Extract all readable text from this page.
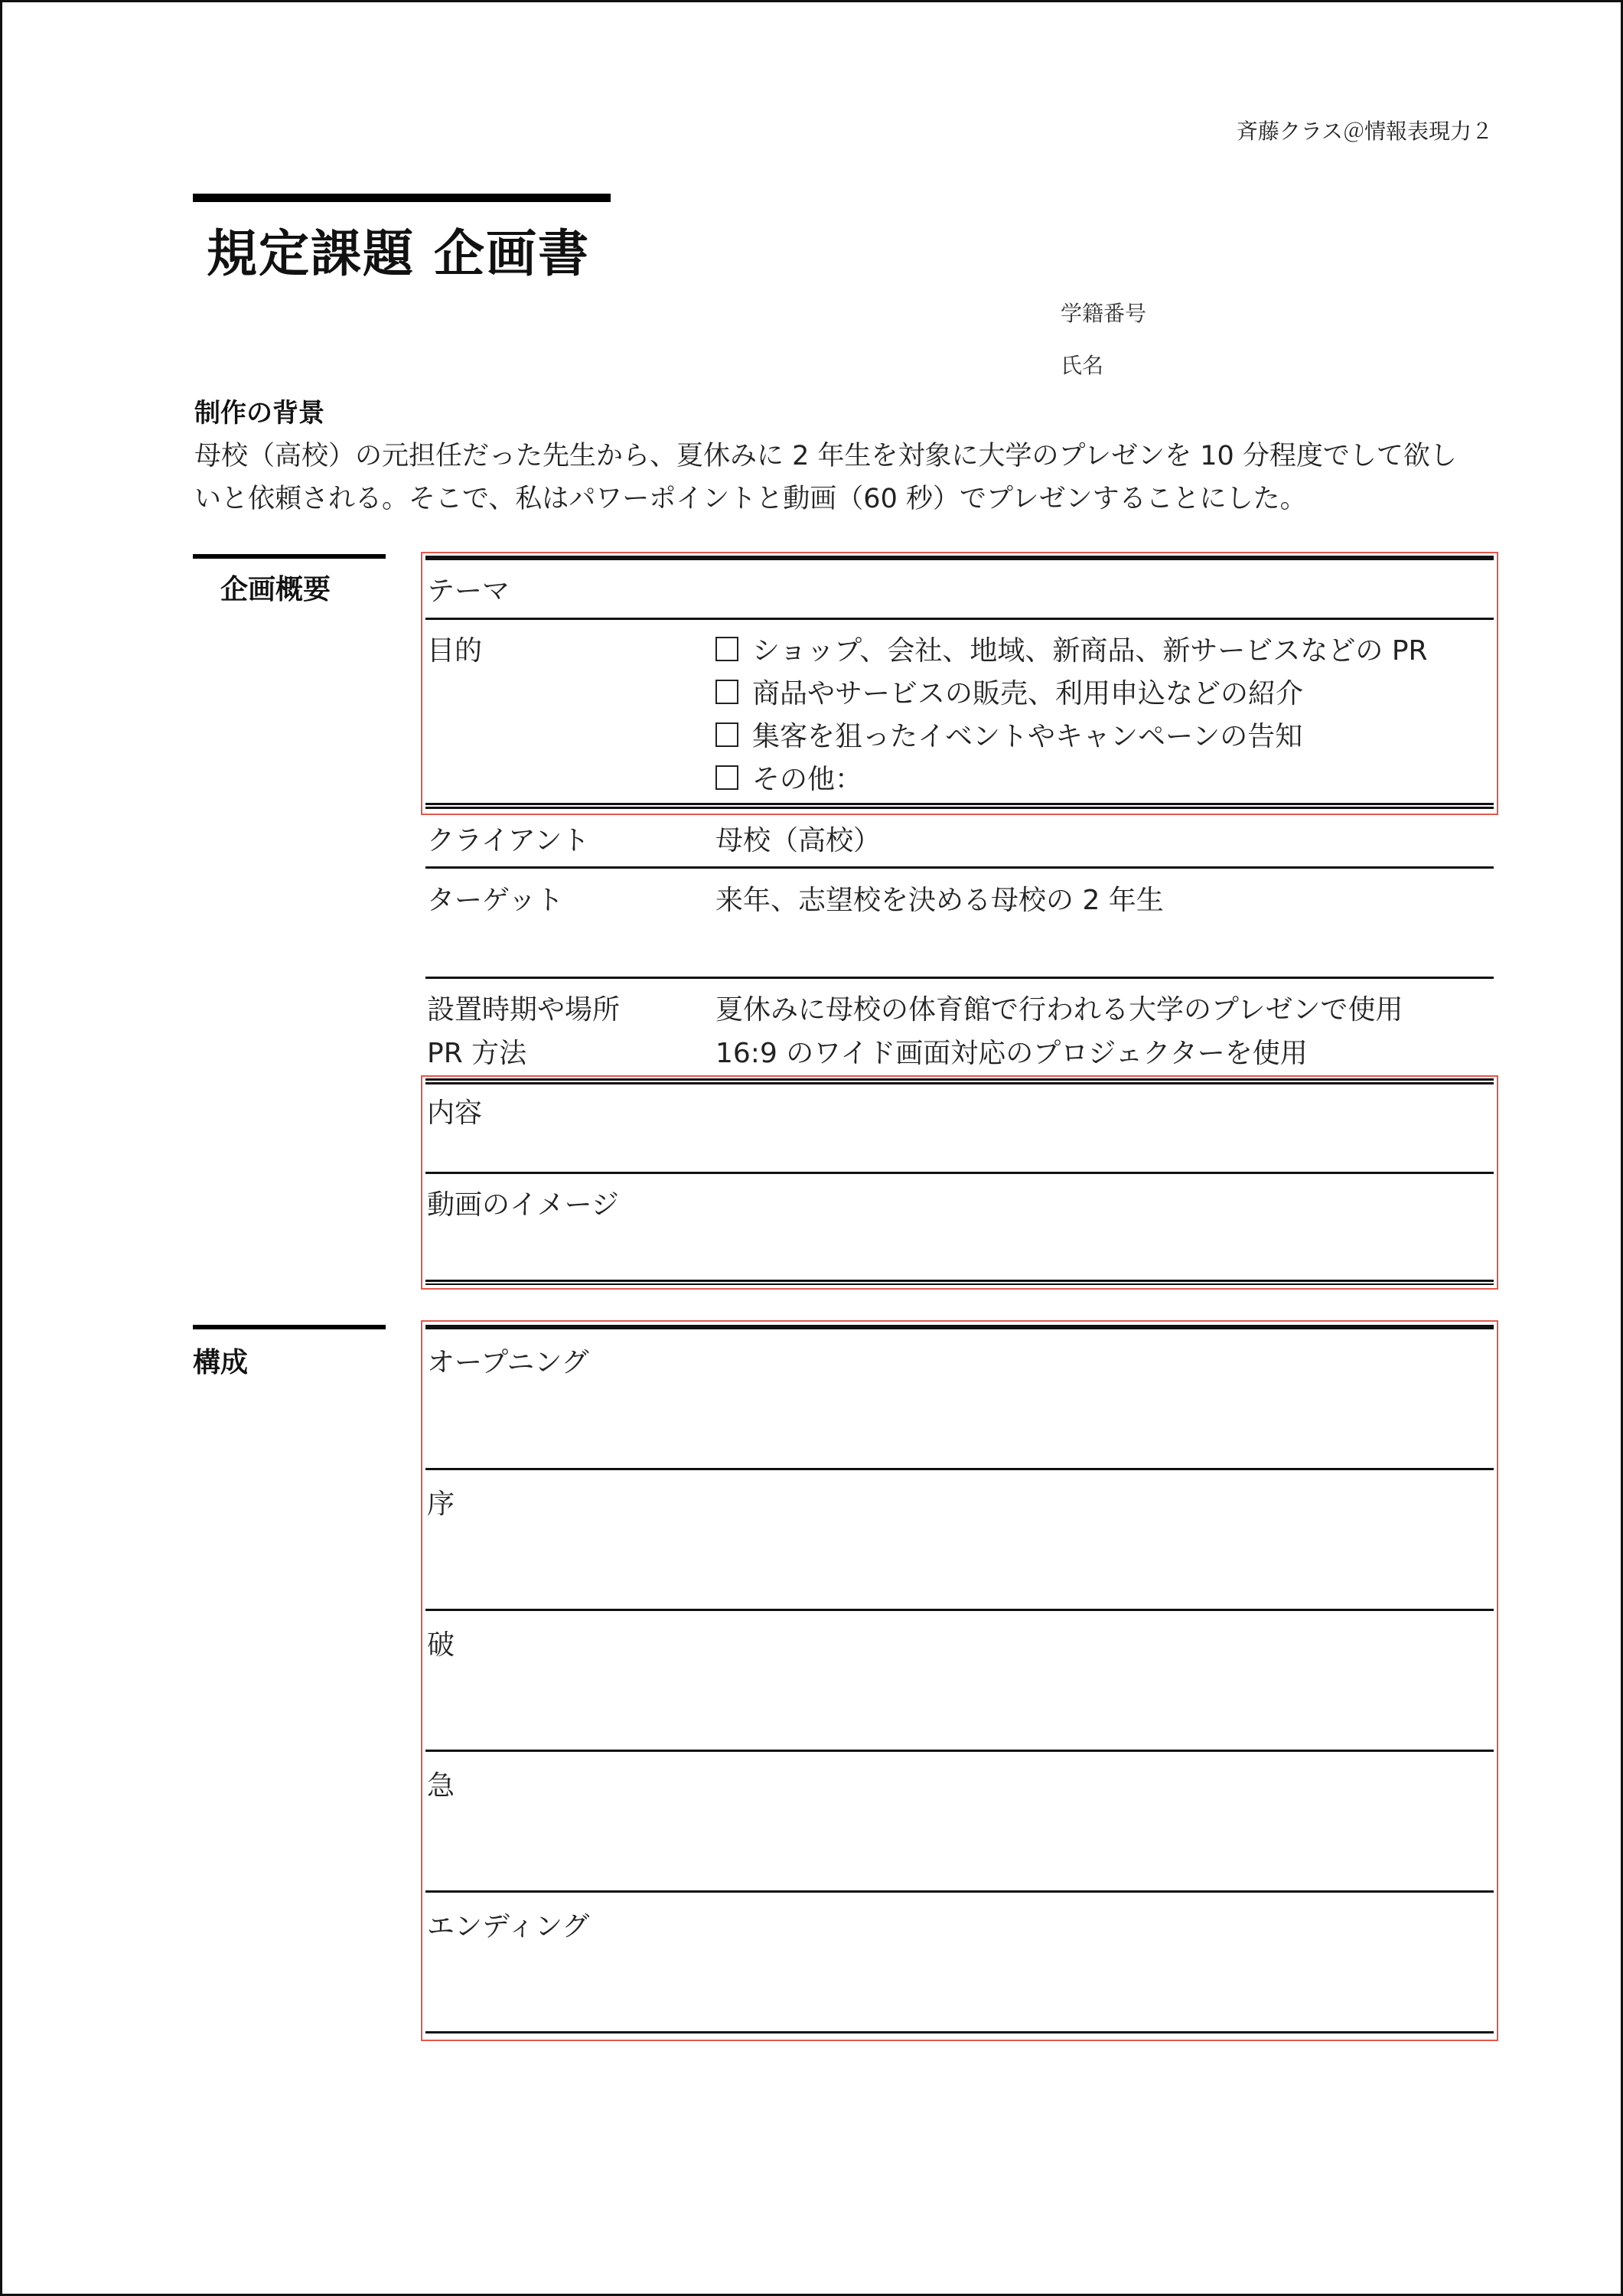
斉藤クラス＠情報表現力２
規定課題 企画書
学籍番号
氏名
制作の背景
母校（高校）の元担任だった先生から、夏休みに 2 年生を対象に大学のプレゼンを 10 分程度でして欲し
いと依頼される。そこで、私はパワーポイントと動画（60 秒）でプレゼンすることにした。
企画概要	テーマ
目的	ショップ、会社、地域、新商品、新サービスなどの PR
商品やサービスの販売、利用申込などの紹介
集客を狙ったイベントやキャンペーンの告知
その他：
クライアント	母校（高校）
ターゲット	来年、志望校を決める母校の 2 年生
設置時期や場所	夏休みに母校の体育館で行われる大学のプレゼンで使用
PR 方法	16:9 のワイド画面対応のプロジェクターを使用
内容
動画のイメージ
構成	オープニング
序
破
急
エンディング
